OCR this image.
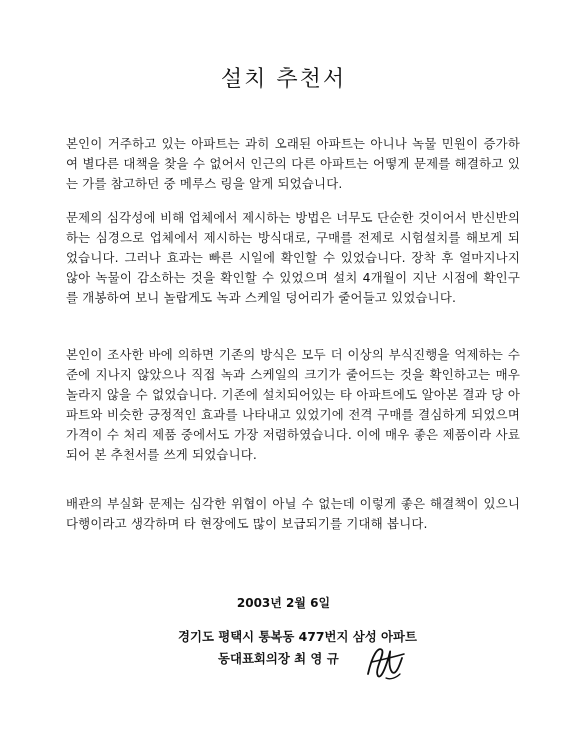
설치 추천서
본인이 거주하고 있는 아파트는 과히 오래된 아파트는 아니나 녹물 민원이 증가하여 별다른 대책을 찾을 수 없어서 인근의 다른 아파트는 어떻게 문제를 해결하고 있는 가를 참고하던 중 메루스 링을 알게 되었습니다.
문제의 심각성에 비해 업체에서 제시하는 방법은 너무도 단순한 것이어서 반신반의하는 심경으로 업체에서 제시하는 방식대로, 구매를 전제로 시험설치를 해보게 되었습니다. 그러나 효과는 빠른 시일에 확인할 수 있었습니다. 장착 후 얼마지나지 않아 녹물이 감소하는 것을 확인할 수 있었으며 설치 4개월이 지난 시점에 확인구를 개봉하여 보니 놀랍게도 녹과 스케일 덩어리가 줄어들고 있었습니다.
본인이 조사한 바에 의하면 기존의 방식은 모두 더 이상의 부식진행을 억제하는 수준에 지나지 않았으나 직접 녹과 스케일의 크기가 줄어드는 것을 확인하고는 매우 놀라지 않을 수 없었습니다. 기존에 설치되어있는 타 아파트에도 알아본 결과 당 아파트와 비슷한 긍정적인 효과를 나타내고 있었기에 전격 구매를 결심하게 되었으며 가격이 수 처리 제품 중에서도 가장 저렴하였습니다. 이에 매우 좋은 제품이라 사료되어 본 추천서를 쓰게 되었습니다.
배관의 부실화 문제는 심각한 위협이 아닐 수 없는데 이렇게 좋은 해결책이 있으니 다행이라고 생각하며 타 현장에도 많이 보급되기를 기대해 봅니다.
2003년 2월 6일
경기도 평택시 통복동 477번지 삼성 아파트
동대표회의장 최 영 규
